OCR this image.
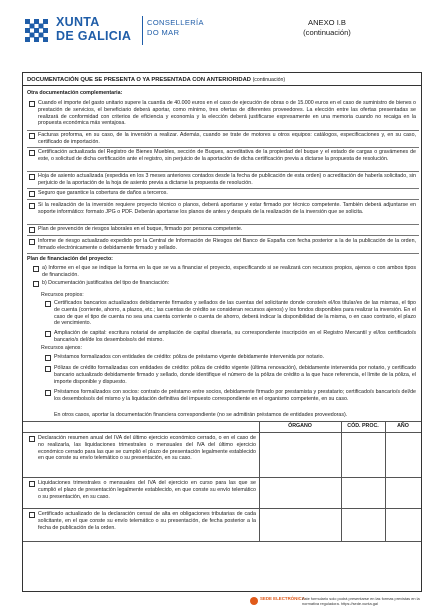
XUNTA
DE GALICIA
CONSELLERÍA
DO MAR
ANEXO I.B
(continuación)
DOCUMENTACIÓN QUE SE PRESENTA O YA PRESENTADA CON ANTERIORIDAD (continuación)
Otra documentación complementaria:
Cuando el importe del gasto unitario supere la cuantía de 40.000 euros en el caso de ejecución de obras o de 15.000 euros en el caso de suministro de bienes o prestación de servicios, el beneficiario deberá aportar, como mínimo, tres ofertas de diferentes proveedores. La elección entre las ofertas presentadas se realizará de conformidad con criterios de eficiencia y economía y la elección deberá justificarse expresamente en una memoria cuando no recaiga en la propuesta económica más ventajosa.
Facturas proforma, en su caso, de la inversión a realizar. Además, cuando se trate de motores u otros equipos: catálogos, especificaciones y, en su caso, certificado de importación.
Certificación actualizada del Registro de Bienes Muebles, sección de Buques, acreditativa de la propiedad del buque y el estado de cargas o gravámenes de este, o solicitud de dicha certificación ante el registro, sin perjuicio de la aportación de dicha certificación previa a dictarse la propuesta de resolución.
Hoja de asiento actualizada (expedida en los 3 meses anteriores contados desde la fecha de publicación de esta orden) o acreditación de haberla solicitado, sin perjuicio de la aportación de la hoja de asiento previa a dictarse la propuesta de resolución.
Seguro que garantice la cobertura de daños a terceros.
Si la realización de la inversión requiere proyecto técnico o planos, deberá aportarse y estar firmado por técnico competente. También deberá adjuntarse en soporte informático: formato JPG o PDF. Deberán aportarse los planos de antes y después de la realización de la inversión que se solicita.
Plan de prevención de riesgos laborales en el buque, firmado por persona competente.
Informe de riesgo actualizado expedido por la Central de Información de Riesgos del Banco de España con fecha posterior a la de la publicación de la orden, firmado electrónicamente o debidamente firmado y sellado.
Plan de financiación del proyecto:
a) Informe en el que se indique la forma en la que se va a financiar el proyecto, especificando si se realizará con recursos propios, ajenos o con ambos tipos de financiación.
b) Documentación justificativa del tipo de financiación:
Recursos propios:
Certificados bancarios actualizados debidamente firmados y sellados de las cuentas del solicitante donde conste/n el/los titular/es de las mismas, el tipo de cuenta (corriente, ahorro, a plazos, etc.; las cuentas de crédito se consideran recursos ajenos) y los fondos disponibles para realizar la inversión. En el caso de que el tipo de cuenta no sea una cuenta corriente o cuenta de ahorro, deberá indicar la disponibilidad de la misma, o en caso contrario, el plazo de vencimiento.
Ampliación de capital: escritura notarial de ampliación de capital diserarla, su correspondiente inscripción en el Registro Mercantil y el/los certificado/s bancario/s del/de los desembolso/s del mismo.
Recursos ajenos:
Préstamos formalizados con entidades de crédito: póliza de préstamo vigente debidamente intervenida por notario.
Pólizas de crédito formalizadas con entidades de crédito: póliza de crédito vigente (última renovación), debidamente intervenida por notario, y certificado bancario actualizado debidamente firmado y sellado, donde identifique el número de la póliza de crédito a la que hace referencia, el límite de la póliza, el importe disponible y dispuesto.
Préstamos formalizados con socios: contrato de préstamo entre socios, debidamente firmado por prestamista y prestatario; certificado/s bancario/s del/de los desembolso/s del mismo y la liquidación definitiva del impuesto correspondiente en el organismo competente, en su caso.
En otros casos, aportar la documentación financiera correspondiente (no se admitirán préstamos de entidades proveedoras).
ÓRGANO	CÓD. PROC.	AÑO
Declaración resumen anual del IVA del último ejercicio económico cerrado, o en el caso de no realizarla, las liquidaciones trimestrales o mensuales del IVA del último ejercicio económico cerrado para las que se cumplió el plazo de presentación legalmente establecido en que conste su envío telemático o su presentación, en su caso.
Liquidaciones trimestrales o mensuales del IVA del ejercicio en curso para las que se cumplió el plazo de presentación legalmente establecido, en que conste su envío telemático o su presentación, en su caso.
Certificado actualizado de la declaración censal de alta en obligaciones tributarias de cada solicitante, en el que conste su envío telemático o su presentación, de fecha posterior a la fecha de publicación de la orden.
SEDE ELECTRÓNICA
Este formulario solo podrá presentarse en las formas previstas en la normativa reguladora. https://sede.xunta.gal
